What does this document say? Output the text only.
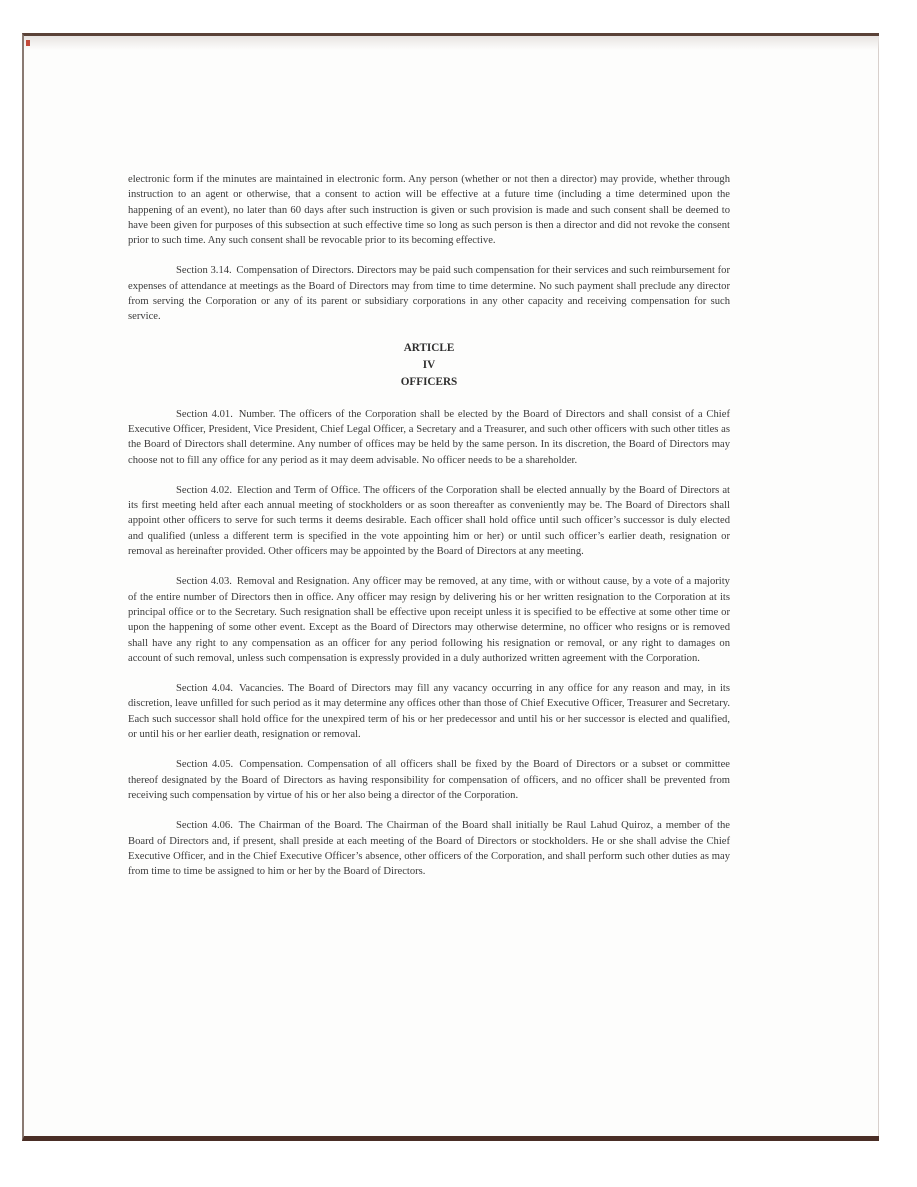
electronic form if the minutes are maintained in electronic form. Any person (whether or not then a director) may provide, whether through instruction to an agent or otherwise, that a consent to action will be effective at a future time (including a time determined upon the happening of an event), no later than 60 days after such instruction is given or such provision is made and such consent shall be deemed to have been given for purposes of this subsection at such effective time so long as such person is then a director and did not revoke the consent prior to such time. Any such consent shall be revocable prior to its becoming effective.

Section 3.14. Compensation of Directors. Directors may be paid such compensation for their services and such reimbursement for expenses of attendance at meetings as the Board of Directors may from time to time determine. No such payment shall preclude any director from serving the Corporation or any of its parent or subsidiary corporations in any other capacity and receiving compensation for such service.

ARTICLE
IV
OFFICERS

Section 4.01. Number. The officers of the Corporation shall be elected by the Board of Directors and shall consist of a Chief Executive Officer, President, Vice President, Chief Legal Officer, a Secretary and a Treasurer, and such other officers with such other titles as the Board of Directors shall determine. Any number of offices may be held by the same person. In its discretion, the Board of Directors may choose not to fill any office for any period as it may deem advisable. No officer needs to be a shareholder.

Section 4.02. Election and Term of Office. The officers of the Corporation shall be elected annually by the Board of Directors at its first meeting held after each annual meeting of stockholders or as soon thereafter as conveniently may be. The Board of Directors shall appoint other officers to serve for such terms it deems desirable. Each officer shall hold office until such officer’s successor is duly elected and qualified (unless a different term is specified in the vote appointing him or her) or until such officer’s earlier death, resignation or removal as hereinafter provided. Other officers may be appointed by the Board of Directors at any meeting.

Section 4.03. Removal and Resignation. Any officer may be removed, at any time, with or without cause, by a vote of a majority of the entire number of Directors then in office. Any officer may resign by delivering his or her written resignation to the Corporation at its principal office or to the Secretary. Such resignation shall be effective upon receipt unless it is specified to be effective at some other time or upon the happening of some other event. Except as the Board of Directors may otherwise determine, no officer who resigns or is removed shall have any right to any compensation as an officer for any period following his resignation or removal, or any right to damages on account of such removal, unless such compensation is expressly provided in a duly authorized written agreement with the Corporation.

Section 4.04. Vacancies. The Board of Directors may fill any vacancy occurring in any office for any reason and may, in its discretion, leave unfilled for such period as it may determine any offices other than those of Chief Executive Officer, Treasurer and Secretary. Each such successor shall hold office for the unexpired term of his or her predecessor and until his or her successor is elected and qualified, or until his or her earlier death, resignation or removal.

Section 4.05. Compensation. Compensation of all officers shall be fixed by the Board of Directors or a subset or committee thereof designated by the Board of Directors as having responsibility for compensation of officers, and no officer shall be prevented from receiving such compensation by virtue of his or her also being a director of the Corporation.

Section 4.06. The Chairman of the Board. The Chairman of the Board shall initially be Raul Lahud Quiroz, a member of the Board of Directors and, if present, shall preside at each meeting of the Board of Directors or stockholders. He or she shall advise the Chief Executive Officer, and in the Chief Executive Officer’s absence, other officers of the Corporation, and shall perform such other duties as may from time to time be assigned to him or her by the Board of Directors.
